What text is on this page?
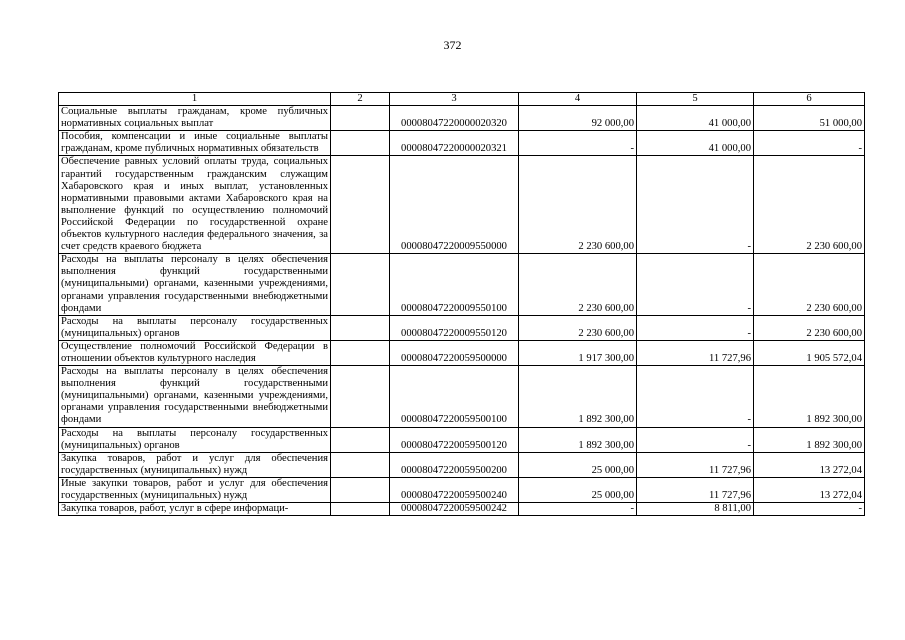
372
1	2	3	4	5	6
Социальные выплаты гражданам, кроме публичных нормативных социальных выплат		00008047220000020320	92 000,00	41 000,00	51 000,00
Пособия, компенсации и иные социальные выплаты гражданам, кроме публичных нормативных обязательств		00008047220000020321	-	41 000,00	-
Обеспечение равных условий оплаты труда, социальных гарантий государственным гражданским служащим Хабаровского края и иных выплат, установленных нормативными правовыми актами Хабаровского края на выполнение функций по осуществлению полномочий Российской Федерации по государственной охране объектов культурного наследия федерального значения, за счет средств краевого бюджета		00008047220009550000	2 230 600,00	-	2 230 600,00
Расходы на выплаты персоналу в целях обеспечения выполнения функций государственными (муниципальными) органами, казенными учреждениями, органами управления государственными внебюджетными фондами		00008047220009550100	2 230 600,00	-	2 230 600,00
Расходы на выплаты персоналу государственных (муниципальных) органов		00008047220009550120	2 230 600,00	-	2 230 600,00
Осуществление полномочий Российской Федерации в отношении объектов культурного наследия		00008047220059500000	1 917 300,00	11 727,96	1 905 572,04
Расходы на выплаты персоналу в целях обеспечения выполнения функций государственными (муниципальными) органами, казенными учреждениями, органами управления государственными внебюджетными фондами		00008047220059500100	1 892 300,00	-	1 892 300,00
Расходы на выплаты персоналу государственных (муниципальных) органов		00008047220059500120	1 892 300,00	-	1 892 300,00
Закупка товаров, работ и услуг для обеспечения государственных (муниципальных) нужд		00008047220059500200	25 000,00	11 727,96	13 272,04
Иные закупки товаров, работ и услуг для обеспечения государственных (муниципальных) нужд		00008047220059500240	25 000,00	11 727,96	13 272,04
Закупка товаров, работ, услуг в сфере информаци-		00008047220059500242	-	8 811,00	-
